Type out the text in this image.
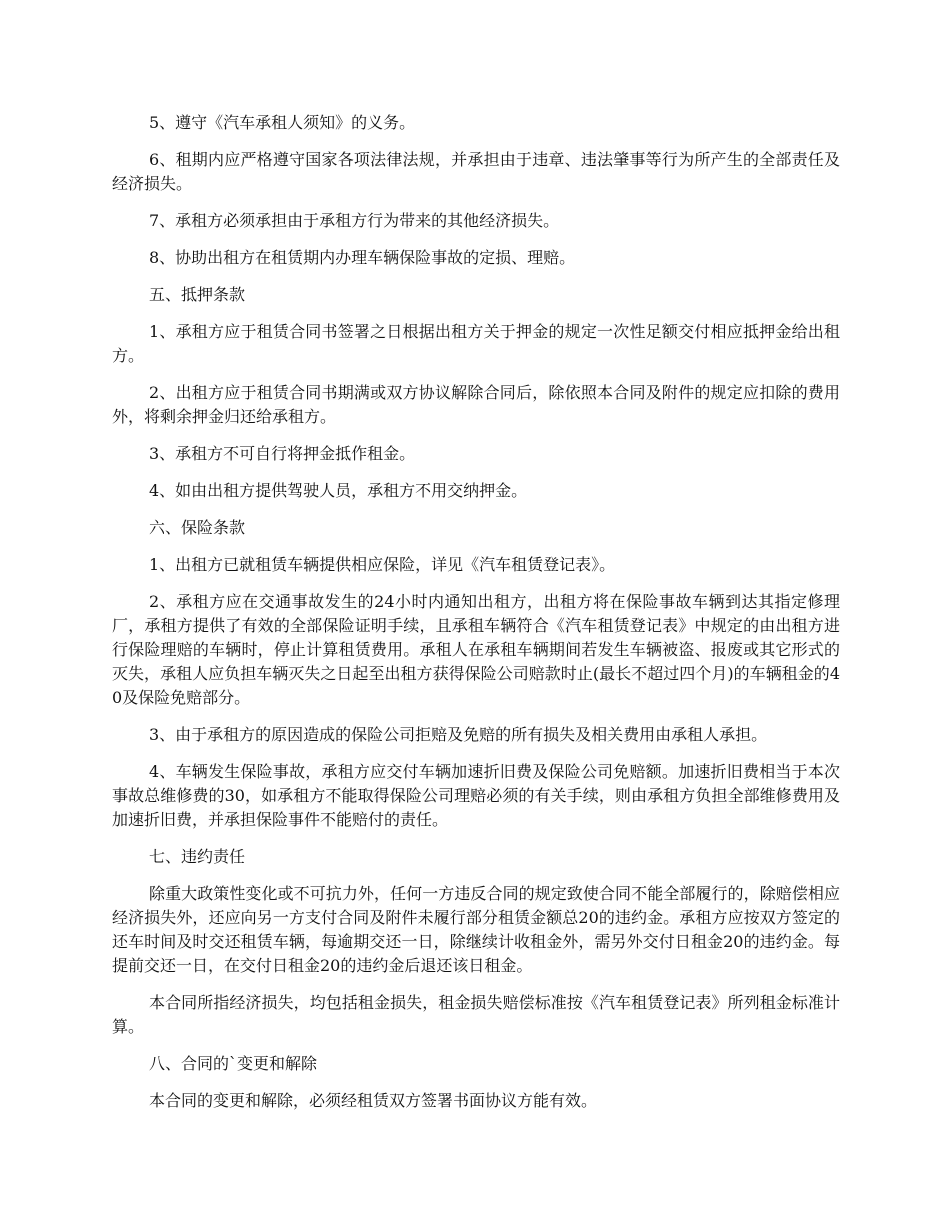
5、遵守《汽车承租人须知》的义务。

6、租期内应严格遵守国家各项法律法规，并承担由于违章、违法肇事等行为所产生的全部责任及经济损失。

7、承租方必须承担由于承租方行为带来的其他经济损失。

8、协助出租方在租赁期内办理车辆保险事故的定损、理赔。

五、抵押条款

1、承租方应于租赁合同书签署之日根据出租方关于押金的规定一次性足额交付相应抵押金给出租方。

2、出租方应于租赁合同书期满或双方协议解除合同后，除依照本合同及附件的规定应扣除的费用外，将剩余押金归还给承租方。

3、承租方不可自行将押金抵作租金。

4、如由出租方提供驾驶人员，承租方不用交纳押金。

六、保险条款

1、出租方已就租赁车辆提供相应保险，详见《汽车租赁登记表》。

2、承租方应在交通事故发生的24小时内通知出租方，出租方将在保险事故车辆到达其指定修理厂，承租方提供了有效的全部保险证明手续，且承租车辆符合《汽车租赁登记表》中规定的由出租方进行保险理赔的车辆时，停止计算租赁费用。承租人在承租车辆期间若发生车辆被盗、报废或其它形式的灭失，承租人应负担车辆灭失之日起至出租方获得保险公司赔款时止(最长不超过四个月)的车辆租金的40及保险免赔部分。

3、由于承租方的原因造成的保险公司拒赔及免赔的所有损失及相关费用由承租人承担。

4、车辆发生保险事故，承租方应交付车辆加速折旧费及保险公司免赔额。加速折旧费相当于本次事故总维修费的30，如承租方不能取得保险公司理赔必须的有关手续，则由承租方负担全部维修费用及加速折旧费，并承担保险事件不能赔付的责任。

七、违约责任

除重大政策性变化或不可抗力外，任何一方违反合同的规定致使合同不能全部履行的，除赔偿相应经济损失外，还应向另一方支付合同及附件未履行部分租赁金额总20的违约金。承租方应按双方签定的还车时间及时交还租赁车辆，每逾期交还一日，除继续计收租金外，需另外交付日租金20的违约金。每提前交还一日，在交付日租金20的违约金后退还该日租金。

本合同所指经济损失，均包括租金损失，租金损失赔偿标准按《汽车租赁登记表》所列租金标准计算。

八、合同的`变更和解除

本合同的变更和解除，必须经租赁双方签署书面协议方能有效。
